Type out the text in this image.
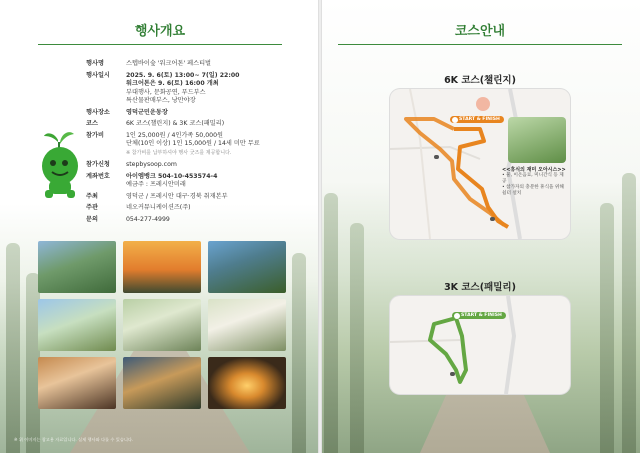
행사개요
행사명	스텝바이숲 '워크어톤' 페스티벌
행사일시	2025. 9. 6(토) 13:00~ 7(일) 22:00
워크어톤은 9. 6(토) 16:00 개최
부대행사, 문화공연, 푸드부스
특산물판매부스, 낭만야장
행사장소	영덕군민운동장
코스	6K 코스(챌린지) & 3K 코스(패밀리)
참가비	1인 25,000원 / 4인가족 50,000원
단체(10인 이상) 1인 15,000원 / 14세 미만 무료
※ 참가비를 납부하셔야 행사 굿즈를 제공합니다.
참가신청	stepbysoop.com
계좌번호	아이엠뱅크 504-10-453574-4
예금주 : 프레시안미래
주최	영덕군 / 프레시안 대구·경북 취재본부
주관	네오커뮤니케이션즈(주)
문의	054-277-4999
※ 위 이미지는 참고용 자료입니다. 실제 행사와 다를 수 있습니다.
코스안내
6K 코스(챌린지)
START & FINISH

<<휴식의 재미 오아시스>>
• 물, 이온음료, 미니간식 등 제공
• 참가자의 충분한 휴식을 위해 쉼터 설치
3K 코스(패밀리)
START & FINISH
